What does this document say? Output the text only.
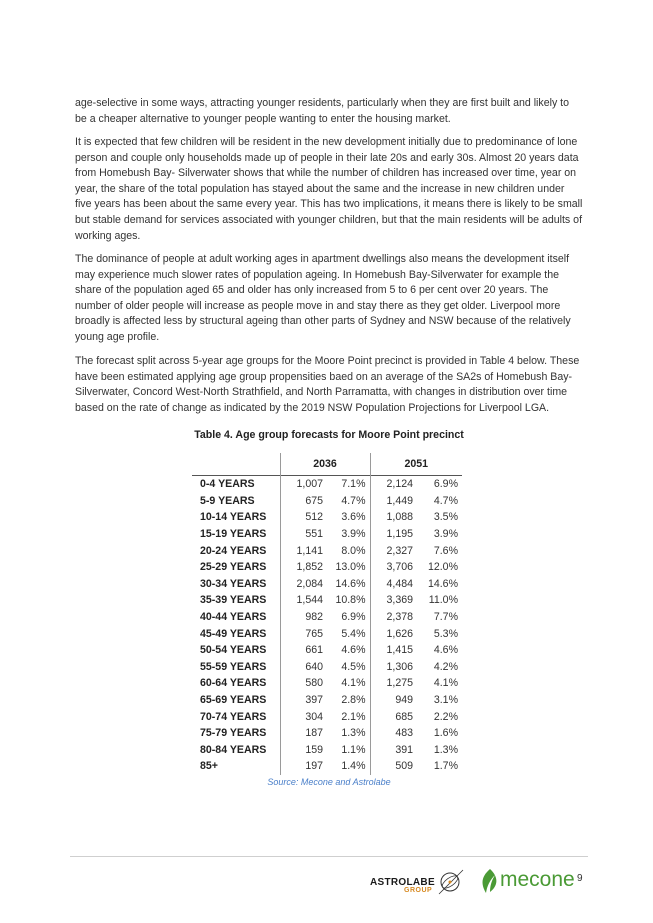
age-selective in some ways, attracting younger residents, particularly when they are first built and likely to be a cheaper alternative to younger people wanting to enter the housing market.

It is expected that few children will be resident in the new development initially due to predominance of lone person and couple only households made up of people in their late 20s and early 30s. Almost 20 years data from Homebush Bay- Silverwater shows that while the number of children has increased over time, year on year, the share of the total population has stayed about the same and the increase in new children under five years has been about the same every year. This has two implications, it means there is likely to be small but stable demand for services associated with younger children, but that the main residents will be adults of working ages.

The dominance of people at adult working ages in apartment dwellings also means the development itself may experience much slower rates of population ageing. In Homebush Bay-Silverwater for example the share of the population aged 65 and older has only increased from 5 to 6 per cent over 20 years. The number of older people will increase as people move in and stay there as they get older. Liverpool more broadly is affected less by structural ageing than other parts of Sydney and NSW because of the relatively young age profile.

The forecast split across 5-year age groups for the Moore Point precinct is provided in Table 4 below. These have been estimated applying age group propensities baed on an average of the SA2s of Homebush Bay-Silverwater, Concord West-North Strathfield, and North Parramatta, with changes in distribution over time based on the rate of change as indicated by the 2019 NSW Population Projections for Liverpool LGA.

Table 4. Age group forecasts for Moore Point precinct
	2036		2051	
0-4 YEARS	1,007	7.1%	2,124	6.9%
5-9 YEARS	675	4.7%	1,449	4.7%
10-14 YEARS	512	3.6%	1,088	3.5%
15-19 YEARS	551	3.9%	1,195	3.9%
20-24 YEARS	1,141	8.0%	2,327	7.6%
25-29 YEARS	1,852	13.0%	3,706	12.0%
30-34 YEARS	2,084	14.6%	4,484	14.6%
35-39 YEARS	1,544	10.8%	3,369	11.0%
40-44 YEARS	982	6.9%	2,378	7.7%
45-49 YEARS	765	5.4%	1,626	5.3%
50-54 YEARS	661	4.6%	1,415	4.6%
55-59 YEARS	640	4.5%	1,306	4.2%
60-64 YEARS	580	4.1%	1,275	4.1%
65-69 YEARS	397	2.8%	949	3.1%
70-74 YEARS	304	2.1%	685	2.2%
75-79 YEARS	187	1.3%	483	1.6%
80-84 YEARS	159	1.1%	391	1.3%
85+	197	1.4%	509	1.7%
Source: Mecone and Astrolabe
ASTROLABE
GROUP	mecone 9
